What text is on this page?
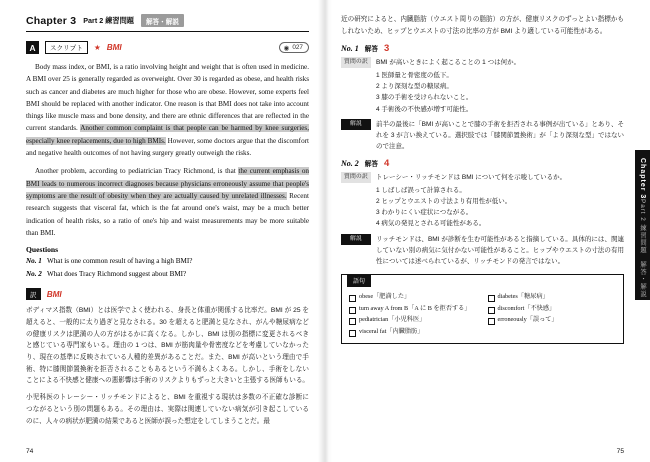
Chapter 3 Part 2 練習問題	解答・解説
A	スクリプト	★ BMI	◉ 027

Body mass index, or BMI, is a ratio involving height and weight that is often used in medicine. A BMI over 25 is generally regarded as overweight. Over 30 is regarded as obese, and health risks such as cancer and diabetes are much higher for those who are obese. However, some experts feel BMI should be replaced with another indicator. One reason is that BMI does not take into account things like muscle mass and bone density, and there are ethnic differences that are reflected in the current standards. Another common complaint is that people can be harmed by knee surgeries, especially knee replacements, due to high BMIs. However, some doctors argue that the discomfort and negative health outcomes of not having surgery greatly outweigh the risks.

Another problem, according to pediatrician Tracy Richmond, is that the current emphasis on BMI leads to numerous incorrect diagnoses because physicians erroneously assume that people's symptoms are the result of obesity when they are actually caused by unrelated illnesses. Recent research suggests that visceral fat, which is the fat around one's waist, may be a much better indication of health risks, so a ratio of one's hip and waist measurements may be more suitable than BMI.

Questions
No. 1 What is one common result of having a high BMI?
No. 2 What does Tracy Richmond suggest about BMI?
訳	BMI

ボディマス指数（BMI）とは医学でよく使われる、身長と体重が関係する比率だ。BMI が 25 を超えると、一般的に太り過ぎと見なされる。30 を超えると肥満と見なされ、がんや糖尿病などの健康リスクは肥満の人の方がはるかに高くなる。しかし、BMI は別の指標に変更されるべきと感じている専門家もいる。理由の 1 つは、BMI が筋肉量や骨密度などを考慮していなかったり、現在の基準に反映されている人種的差異があることだ。また、BMI が高いという理由で手術、特に膝関節置換術を拒否されることもあるという不満もよくある。しかし、手術をしないことによる不快感と健康への悪影響は手術のリスクよりもずっと大きいと主張する医師もいる。

小児科医のトレーシー・リッチモンドによると、BMI を重視する現状は多数の不正確な診断につながるという別の問題もある。その理由は、実際は関連していない病気が引き起こしているのに、人々の病状が肥満の結果であると医師が誤った想定をしてしまうことだ。最

74

近の研究によると、内臓脂肪（ウエスト周りの脂肪）の方が、健康リスクのずっとよい指標かもしれないため、ヒップとウエストの寸法の比率の方が BMI より適している可能性がある。

No. 1 解答 3
質問の訳	BMI が高いときによく起こることの 1 つは何か。
1 医師量と骨密度の低下。
2 より深刻な型の糖尿病。
3 膝の手術を受けられないこと。
4 手術後の不快感が増す可能性。
解説	前半の最後に「BMI が高いことで膝の手術を拒否される事例が出ている」とあり、それを 3 が言い換えている。選択肢では「膝関節置換術」が「より深刻な型」ではないので注意。
No. 2 解答 4
質問の訳	トレーシー・リッチモンドは BMI について何を示唆しているか。
1 しばしば誤って計算される。
2 ヒップとウエストの寸法より有用性が低い。
3 わかりにくい症状につながる。
4 病気の発見とされる可能性がある。
解説	リッチモンドは、BMI が診断を生む可能性があると指摘している。具体的には、関連していない別の病気に気付かない可能性があること。ヒップやウエストの寸法の有用性については述べられているが、リッチモンドの発言ではない。
語句
obese「肥満した」	diabetes「糖尿病」
turn away A from B「A に B を拒否する」	discomfort「不快感」
pediatrician「小児科医」	erroneously「誤って」
visceral fat「内臓脂肪」
Chapter 3
Part 2 練習問題　解答・解説
75
